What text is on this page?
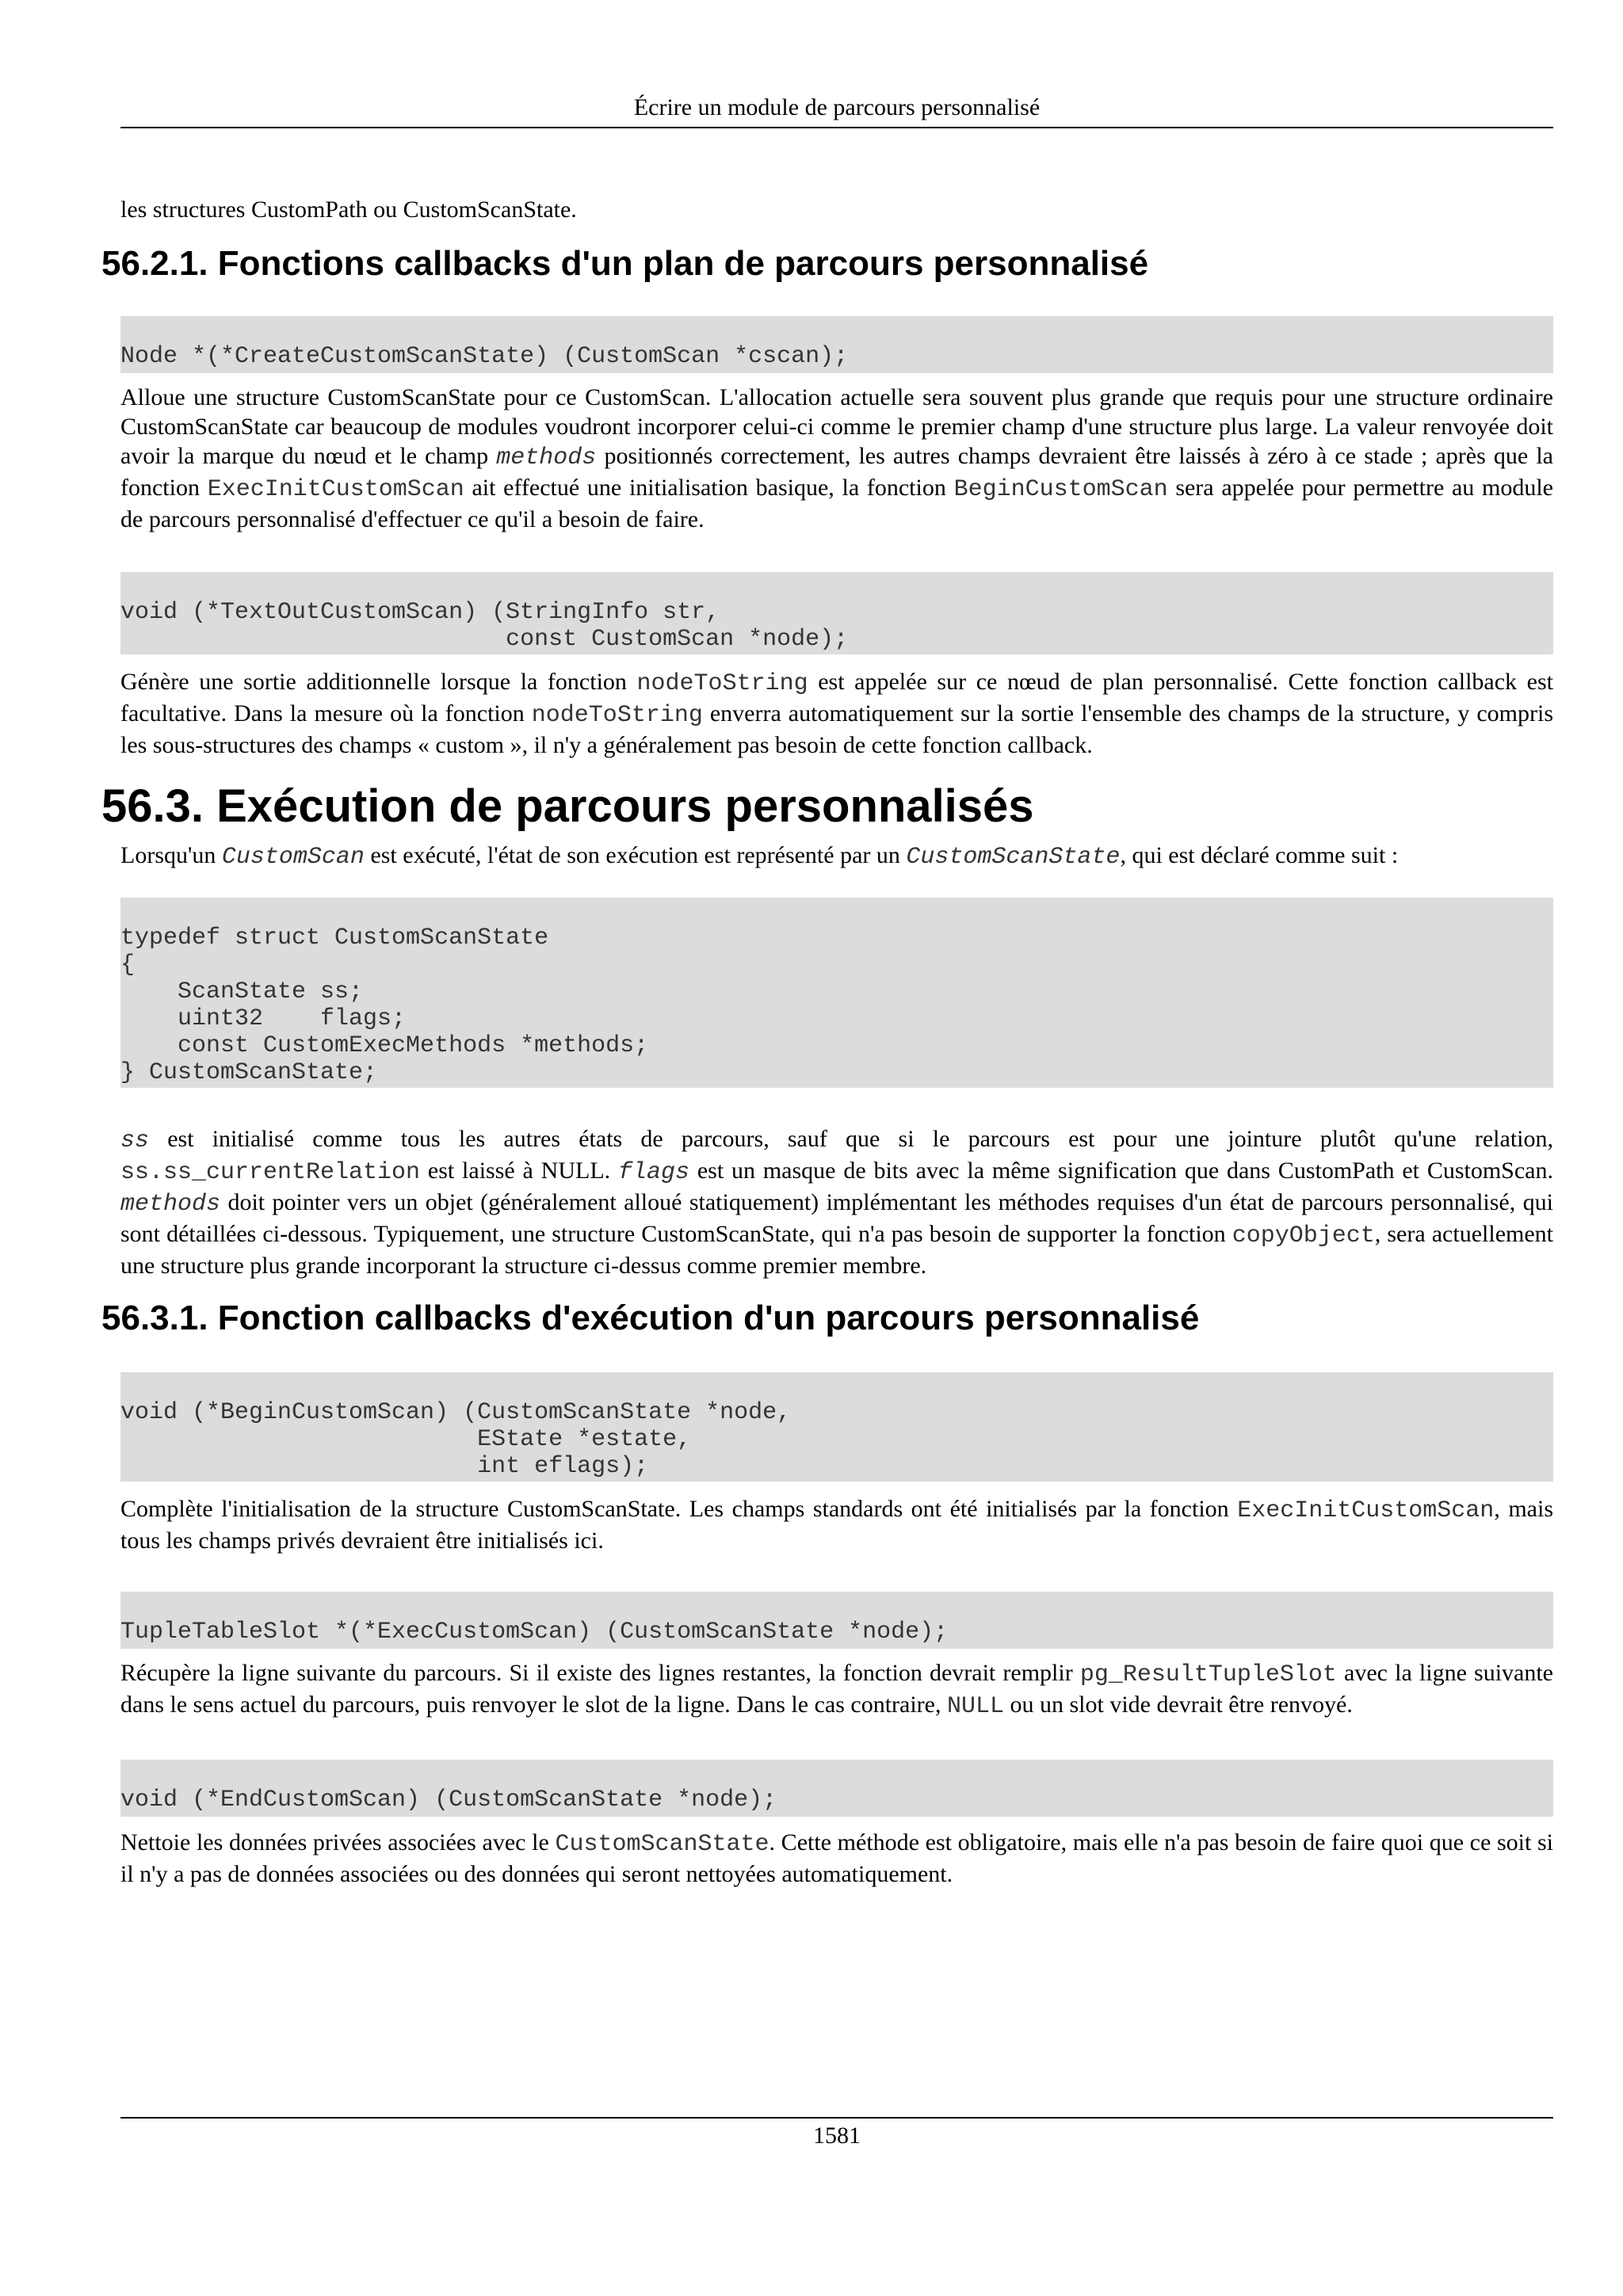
Écrire un module de parcours personnalisé

les structures CustomPath ou CustomScanState.

56.2.1. Fonctions callbacks d'un plan de parcours personnalisé
Node *(*CreateCustomScanState) (CustomScan *cscan);

Alloue une structure CustomScanState pour ce CustomScan. L'allocation actuelle sera souvent plus grande que requis pour une structure ordinaire CustomScanState car beaucoup de modules voudront incorporer celui-ci comme le premier champ d'une structure plus large. La valeur renvoyée doit avoir la marque du nœud et le champ methods positionnés correctement, les autres champs devraient être laissés à zéro à ce stade ; après que la fonction ExecInitCustomScan ait effectué une initialisation basique, la fonction BeginCustomScan sera appelée pour permettre au module de parcours personnalisé d'effectuer ce qu'il a besoin de faire.

void (*TextOutCustomScan) (StringInfo str,
const CustomScan *node);

Génère une sortie additionnelle lorsque la fonction nodeToString est appelée sur ce nœud de plan personnalisé. Cette fonction callback est facultative. Dans la mesure où la fonction nodeToString enverra automatiquement sur la sortie l'ensemble des champs de la structure, y compris les sous-structures des champs « custom », il n'y a généralement pas besoin de cette fonction callback.

56.3. Exécution de parcours personnalisés

Lorsqu'un CustomScan est exécuté, l'état de son exécution est représenté par un CustomScanState, qui est déclaré comme suit :

typedef struct CustomScanState
{
ScanState ss;
uint32    flags;
const CustomExecMethods *methods;
} CustomScanState;

ss est initialisé comme tous les autres états de parcours, sauf que si le parcours est pour une jointure plutôt qu'une relation, ss.ss_currentRelation est laissé à NULL. flags est un masque de bits avec la même signification que dans CustomPath et CustomScan. methods doit pointer vers un objet (généralement alloué statiquement) implémentant les méthodes requises d'un état de parcours personnalisé, qui sont détaillées ci-dessous. Typiquement, une structure CustomScanState, qui n'a pas besoin de supporter la fonction copyObject, sera actuellement une structure plus grande incorporant la structure ci-dessus comme premier membre.

56.3.1. Fonction callbacks d'exécution d'un parcours personnalisé
void (*BeginCustomScan) (CustomScanState *node,
EState *estate,
int eflags);

Complète l'initialisation de la structure CustomScanState. Les champs standards ont été initialisés par la fonction ExecInitCustomScan, mais tous les champs privés devraient être initialisés ici.

TupleTableSlot *(*ExecCustomScan) (CustomScanState *node);

Récupère la ligne suivante du parcours. Si il existe des lignes restantes, la fonction devrait remplir pg_ResultTupleSlot avec la ligne suivante dans le sens actuel du parcours, puis renvoyer le slot de la ligne. Dans le cas contraire, NULL ou un slot vide devrait être renvoyé.

void (*EndCustomScan) (CustomScanState *node);

Nettoie les données privées associées avec le CustomScanState. Cette méthode est obligatoire, mais elle n'a pas besoin de faire quoi que ce soit si il n'y a pas de données associées ou des données qui seront nettoyées automatiquement.

1581
